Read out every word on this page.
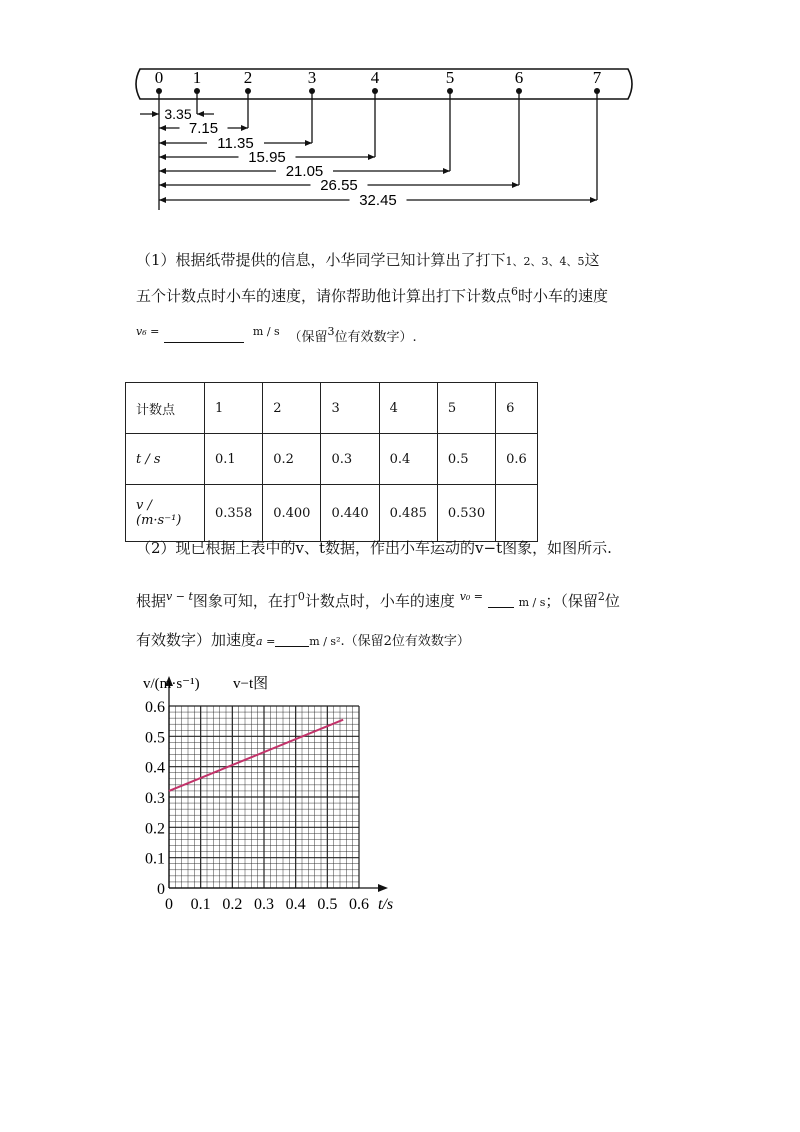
0 1	2	3	4	5	6	7
3.35
7.15
11.35
15.95
21.05
26.55
32.45
（1）根据纸带提供的信息，小华同学已知计算出了打下1、2、3、4、5这
五个计数点时小车的速度，请你帮助他计算出打下计数点$^6$时小车的速度
$^{v_6 =}$	$^{m / s}$ （保留$^3$位有效数字）.
计数点	1	2	3	4	5	6
t / s	0.1	0.2	0.3	0.4	0.5	0.6
v / (m·s⁻¹)	0.358	0.400	0.440	0.485	0.530	
（2）现已根据上表中的v、t数据，作出小车运动的v−t图象，如图所示.
根据$^{v - t}$图象可知，在打$^0$计数点时，小车的速度 $^{v_0 =}$	m / s；（保留$^2$位
有效数字）加速度a =	m / s².（保留2位有效数字）
0
0.1
0.2
0.3
0.4
0.5
0.6
0 0.1 0.2 0.3 0.4 0.5 0.6 t/s
v/(m·s⁻¹) v−t图
